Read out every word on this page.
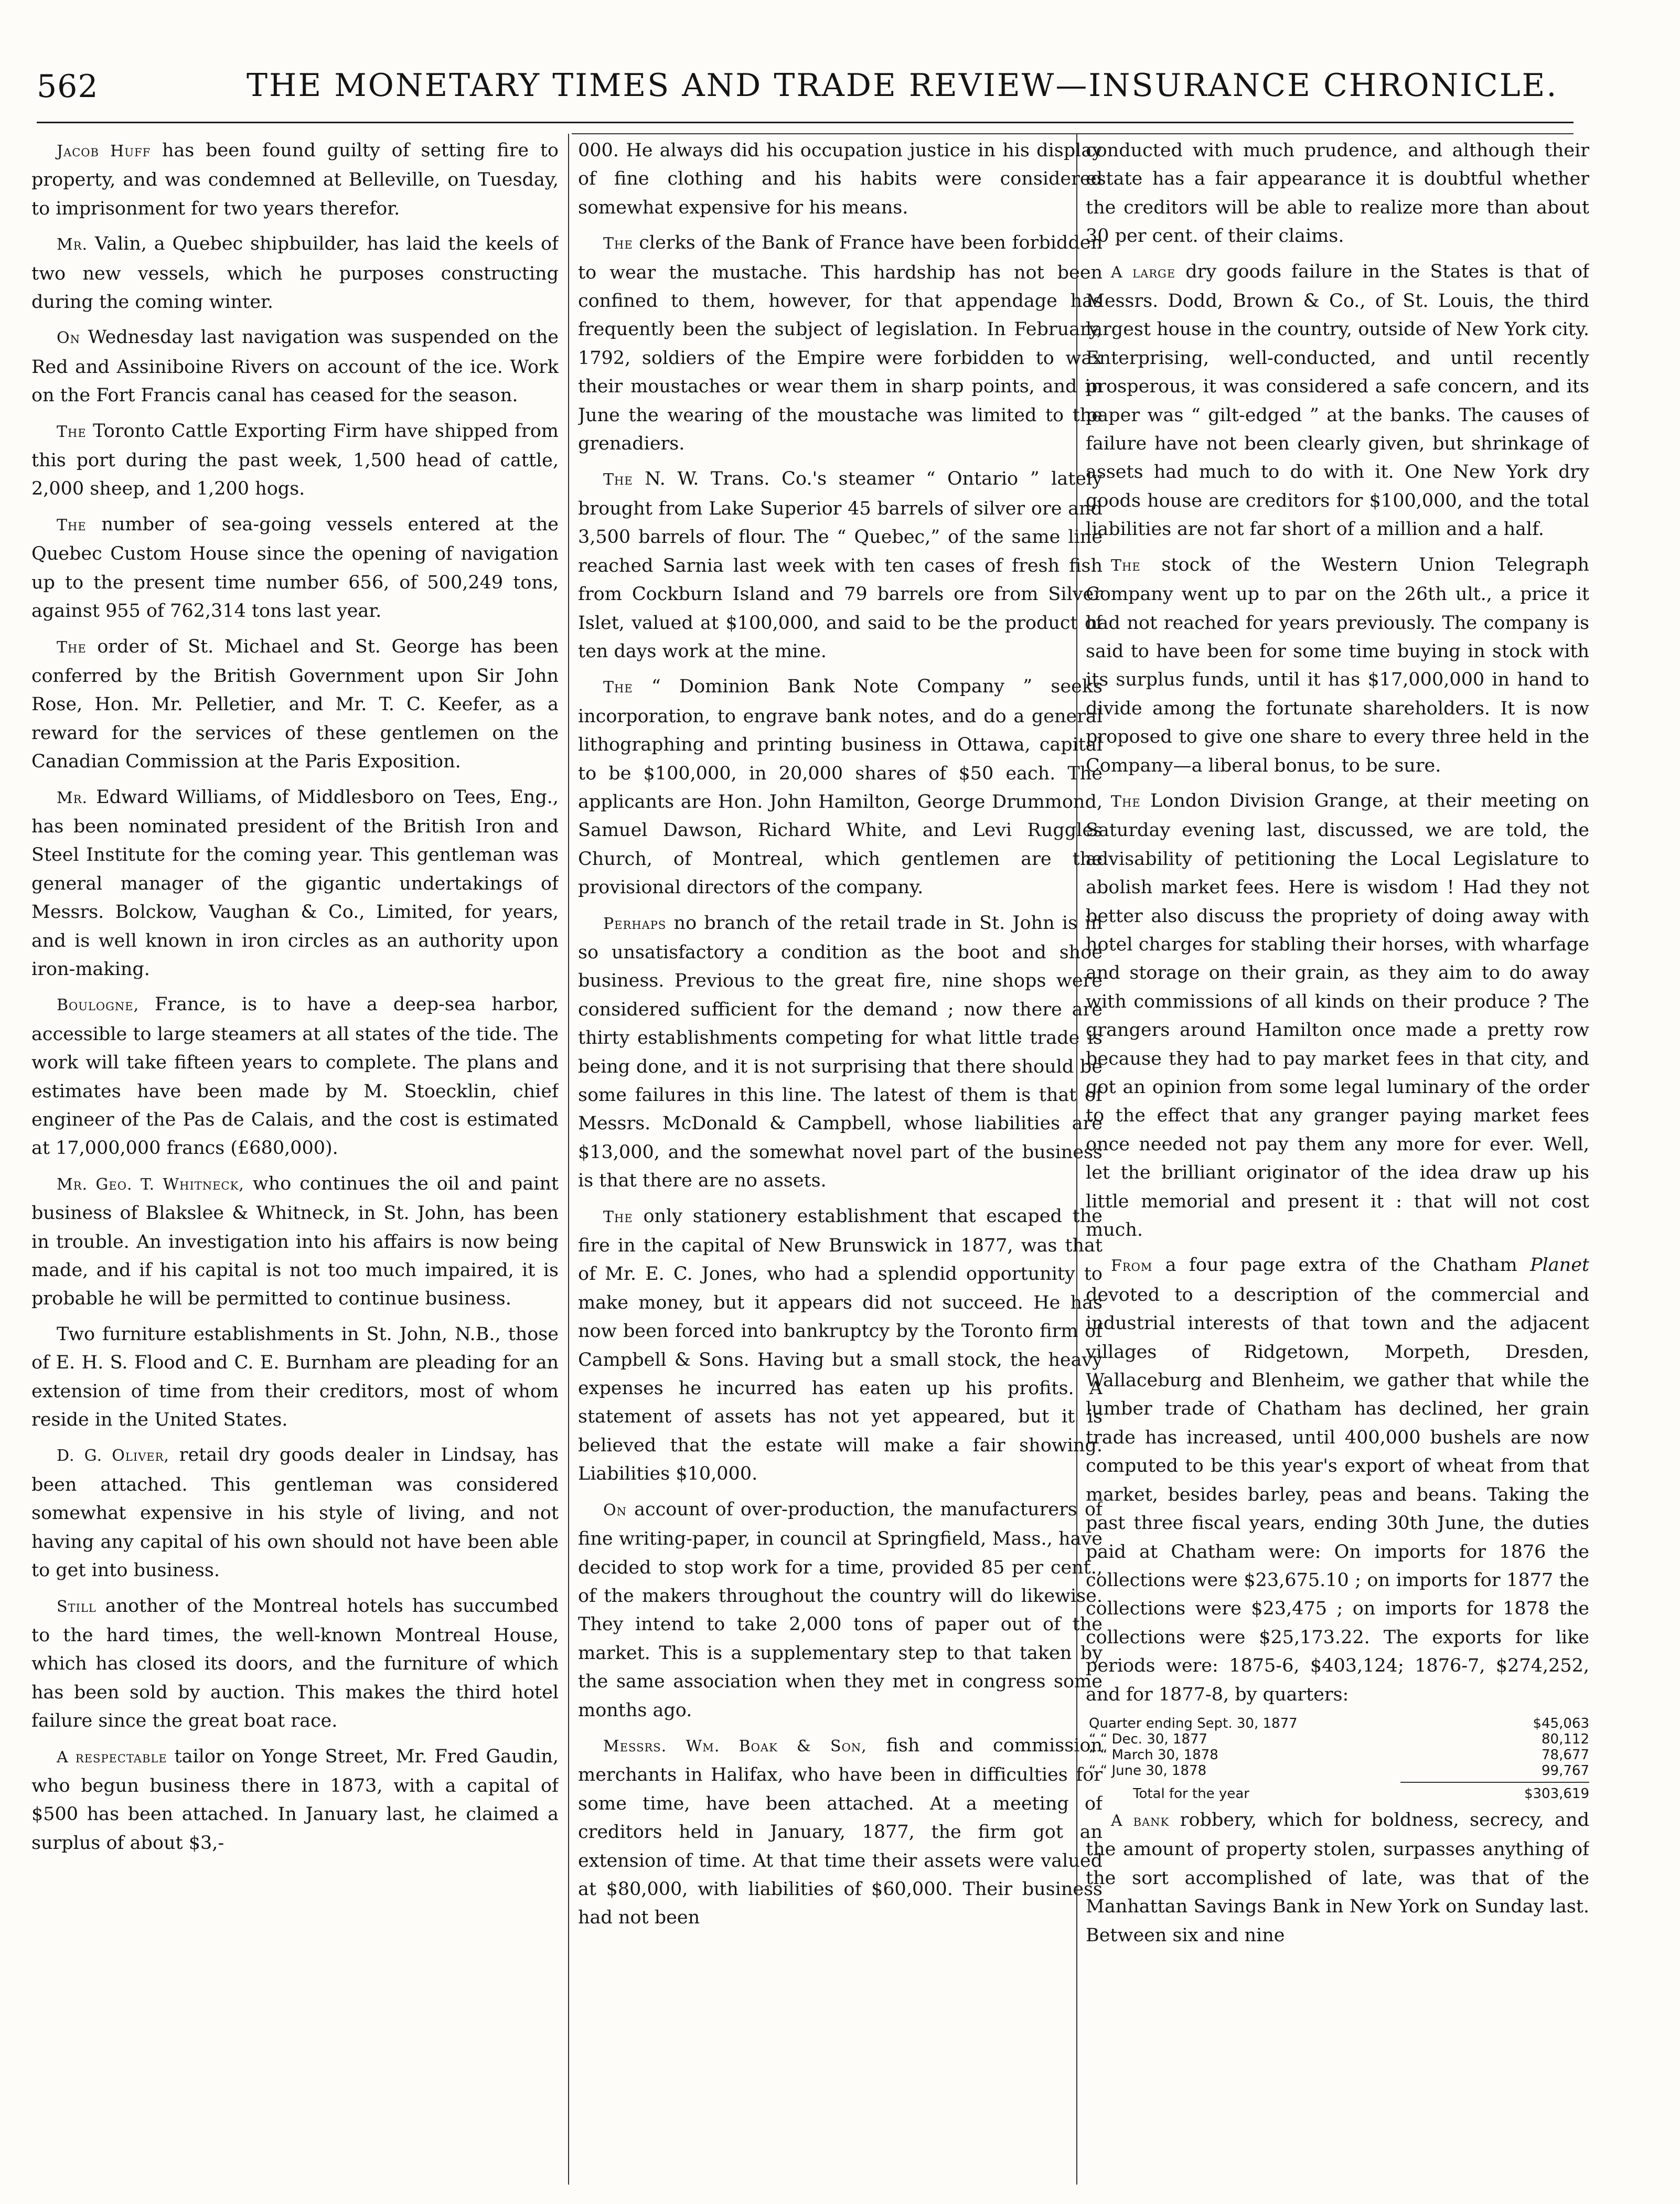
562	THE MONETARY TIMES AND TRADE REVIEW—INSURANCE CHRONICLE.

Jacob Huff has been found guilty of setting fire to property, and was condemned at Belleville, on Tuesday, to imprisonment for two years therefor.

Mr. Valin, a Quebec shipbuilder, has laid the keels of two new vessels, which he purposes constructing during the coming winter.

On Wednesday last navigation was suspended on the Red and Assiniboine Rivers on account of the ice. Work on the Fort Francis canal has ceased for the season.

The Toronto Cattle Exporting Firm have shipped from this port during the past week, 1,500 head of cattle, 2,000 sheep, and 1,200 hogs.

The number of sea-going vessels entered at the Quebec Custom House since the opening of navigation up to the present time number 656, of 500,249 tons, against 955 of 762,314 tons last year.

The order of St. Michael and St. George has been conferred by the British Government upon Sir John Rose, Hon. Mr. Pelletier, and Mr. T. C. Keefer, as a reward for the services of these gentlemen on the Canadian Commission at the Paris Exposition.

Mr. Edward Williams, of Middlesboro on Tees, Eng., has been nominated president of the British Iron and Steel Institute for the coming year. This gentleman was general manager of the gigantic undertakings of Messrs. Bolckow, Vaughan & Co., Limited, for years, and is well known in iron circles as an authority upon iron-making.

Boulogne, France, is to have a deep-sea harbor, accessible to large steamers at all states of the tide. The work will take fifteen years to complete. The plans and estimates have been made by M. Stoecklin, chief engineer of the Pas de Calais, and the cost is estimated at 17,000,000 francs (£680,000).

Mr. Geo. T. Whitneck, who continues the oil and paint business of Blakslee & Whitneck, in St. John, has been in trouble. An investigation into his affairs is now being made, and if his capital is not too much impaired, it is probable he will be permitted to continue business.

Two furniture establishments in St. John, N.B., those of E. H. S. Flood and C. E. Burnham are pleading for an extension of time from their creditors, most of whom reside in the United States.

D. G. Oliver, retail dry goods dealer in Lindsay, has been attached. This gentleman was considered somewhat expensive in his style of living, and not having any capital of his own should not have been able to get into business.

Still another of the Montreal hotels has succumbed to the hard times, the well-known Montreal House, which has closed its doors, and the furniture of which has been sold by auction. This makes the third hotel failure since the great boat race.

A respectable tailor on Yonge Street, Mr. Fred Gaudin, who begun business there in 1873, with a capital of $500 has been attached. In January last, he claimed a surplus of about $3,-

000. He always did his occupation justice in his display of fine clothing and his habits were considered somewhat expensive for his means.

The clerks of the Bank of France have been forbidden to wear the mustache. This hardship has not been confined to them, however, for that appendage has frequently been the subject of legislation. In February, 1792, soldiers of the Empire were forbidden to wax their moustaches or wear them in sharp points, and in June the wearing of the moustache was limited to the grenadiers.

The N. W. Trans. Co.'s steamer “ Ontario ” lately brought from Lake Superior 45 barrels of silver ore and 3,500 barrels of flour. The “ Quebec,” of the same line reached Sarnia last week with ten cases of fresh fish from Cockburn Island and 79 barrels ore from Silver Islet, valued at $100,000, and said to be the product of ten days work at the mine.

The “ Dominion Bank Note Company ” seeks incorporation, to engrave bank notes, and do a general lithographing and printing business in Ottawa, capital to be $100,000, in 20,000 shares of $50 each. The applicants are Hon. John Hamilton, George Drummond, Samuel Dawson, Richard White, and Levi Ruggles Church, of Montreal, which gentlemen are the provisional directors of the company.

Perhaps no branch of the retail trade in St. John is in so unsatisfactory a condition as the boot and shoe business. Previous to the great fire, nine shops were considered sufficient for the demand ; now there are thirty establishments competing for what little trade is being done, and it is not surprising that there should be some failures in this line. The latest of them is that of Messrs. McDonald & Campbell, whose liabilities are $13,000, and the somewhat novel part of the business is that there are no assets.

The only stationery establishment that escaped the fire in the capital of New Brunswick in 1877, was that of Mr. E. C. Jones, who had a splendid opportunity to make money, but it appears did not succeed. He has now been forced into bankruptcy by the Toronto firm of Campbell & Sons. Having but a small stock, the heavy expenses he incurred has eaten up his profits. A statement of assets has not yet appeared, but it is believed that the estate will make a fair showing. Liabilities $10,000.

On account of over-production, the manufacturers of fine writing-paper, in council at Springfield, Mass., have decided to stop work for a time, provided 85 per cent., of the makers throughout the country will do likewise. They intend to take 2,000 tons of paper out of the market. This is a supplementary step to that taken by the same association when they met in congress some months ago.

Messrs. Wm. Boak & Son, fish and commission merchants in Halifax, who have been in difficulties for some time, have been attached. At a meeting of creditors held in January, 1877, the firm got an extension of time. At that time their assets were valued at $80,000, with liabilities of $60,000. Their business had not been

conducted with much prudence, and although their estate has a fair appearance it is doubtful whether the creditors will be able to realize more than about 30 per cent. of their claims.

A large dry goods failure in the States is that of Messrs. Dodd, Brown & Co., of St. Louis, the third largest house in the country, outside of New York city. Enterprising, well-conducted, and until recently prosperous, it was considered a safe concern, and its paper was “ gilt-edged ” at the banks. The causes of failure have not been clearly given, but shrinkage of assets had much to do with it. One New York dry goods house are creditors for $100,000, and the total liabilities are not far short of a million and a half.

The stock of the Western Union Telegraph Company went up to par on the 26th ult., a price it had not reached for years previously. The company is said to have been for some time buying in stock with its surplus funds, until it has $17,000,000 in hand to divide among the fortunate shareholders. It is now proposed to give one share to every three held in the Company—a liberal bonus, to be sure.

The London Division Grange, at their meeting on Saturday evening last, discussed, we are told, the advisability of petitioning the Local Legislature to abolish market fees. Here is wisdom ! Had they not better also discuss the propriety of doing away with hotel charges for stabling their horses, with wharfage and storage on their grain, as they aim to do away with commissions of all kinds on their produce ? The grangers around Hamilton once made a pretty row because they had to pay market fees in that city, and got an opinion from some legal luminary of the order to the effect that any granger paying market fees once needed not pay them any more for ever. Well, let the brilliant originator of the idea draw up his little memorial and present it : that will not cost much.

From a four page extra of the Chatham Planet devoted to a description of the commercial and industrial interests of that town and the adjacent villages of Ridgetown, Morpeth, Dresden, Wallaceburg and Blenheim, we gather that while the lumber trade of Chatham has declined, her grain trade has increased, until 400,000 bushels are now computed to be this year's export of wheat from that market, besides barley, peas and beans. Taking the past three fiscal years, ending 30th June, the duties paid at Chatham were: On imports for 1876 the collections were $23,675.10 ; on imports for 1877 the collections were $23,475 ; on imports for 1878 the collections were $25,173.22. The exports for like periods were: 1875-6, $403,124; 1876-7, $274,252, and for 1877-8, by quarters:

Quarter ending Sept. 30, 1877	$45,063
“ “ Dec. 30, 1877	80,112
“ “ March 30, 1878	78,677
“ “ June 30, 1878	99,767
Total for the year	$303,619

A bank robbery, which for boldness, secrecy, and the amount of property stolen, surpasses anything of the sort accomplished of late, was that of the Manhattan Savings Bank in New York on Sunday last. Between six and nine
